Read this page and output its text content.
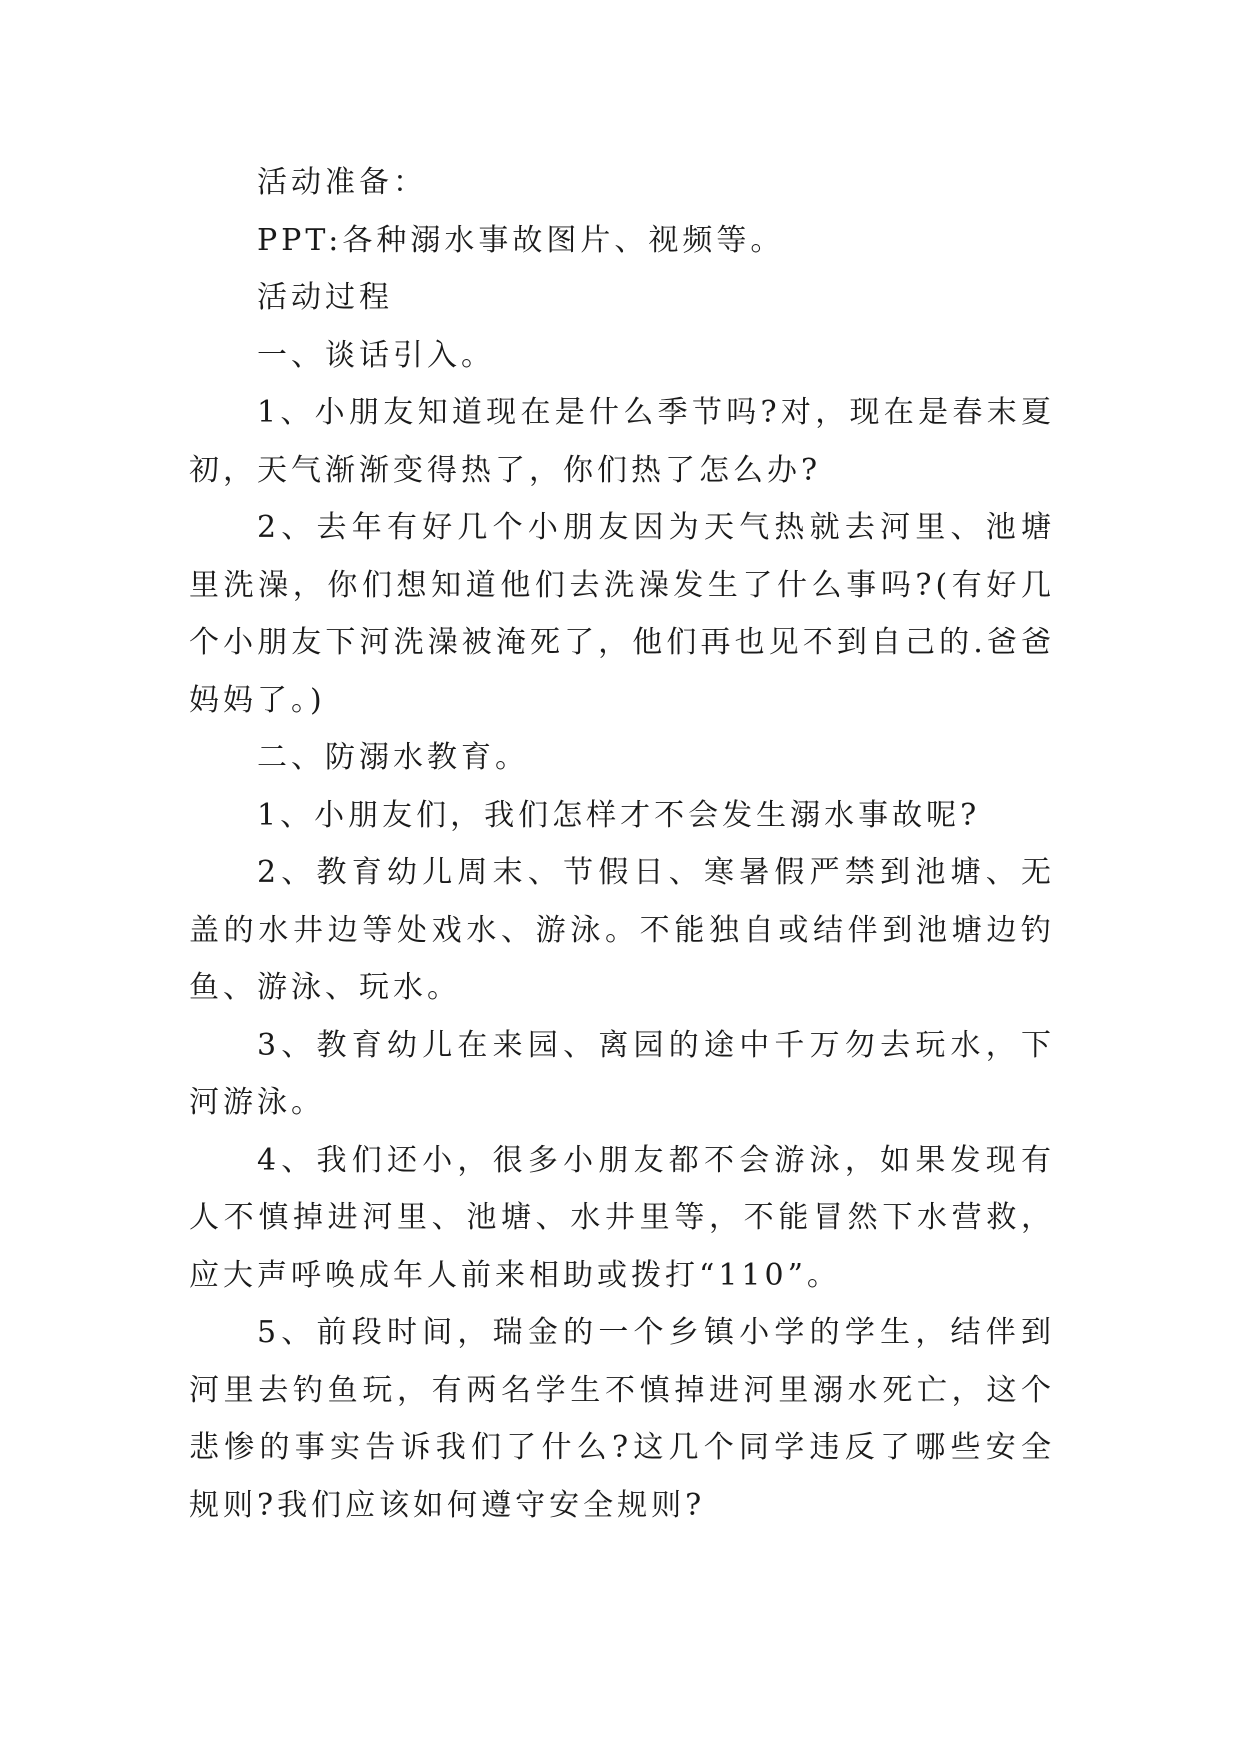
活动准备：

PPT:各种溺水事故图片、视频等。

活动过程

一、谈话引入。

1、小朋友知道现在是什么季节吗?对，现在是春末夏初，天气渐渐变得热了，你们热了怎么办?

2、去年有好几个小朋友因为天气热就去河里、池塘里洗澡，你们想知道他们去洗澡发生了什么事吗?(有好几个小朋友下河洗澡被淹死了，他们再也见不到自己的.爸爸妈妈了。)

二、防溺水教育。

1、小朋友们，我们怎样才不会发生溺水事故呢?

2、教育幼儿周末、节假日、寒暑假严禁到池塘、无盖的水井边等处戏水、游泳。不能独自或结伴到池塘边钓鱼、游泳、玩水。

3、教育幼儿在来园、离园的途中千万勿去玩水，下河游泳。

4、我们还小，很多小朋友都不会游泳，如果发现有人不慎掉进河里、池塘、水井里等，不能冒然下水营救，应大声呼唤成年人前来相助或拨打“110”。

5、前段时间，瑞金的一个乡镇小学的学生，结伴到河里去钓鱼玩，有两名学生不慎掉进河里溺水死亡，这个悲惨的事实告诉我们了什么?这几个同学违反了哪些安全规则?我们应该如何遵守安全规则?
